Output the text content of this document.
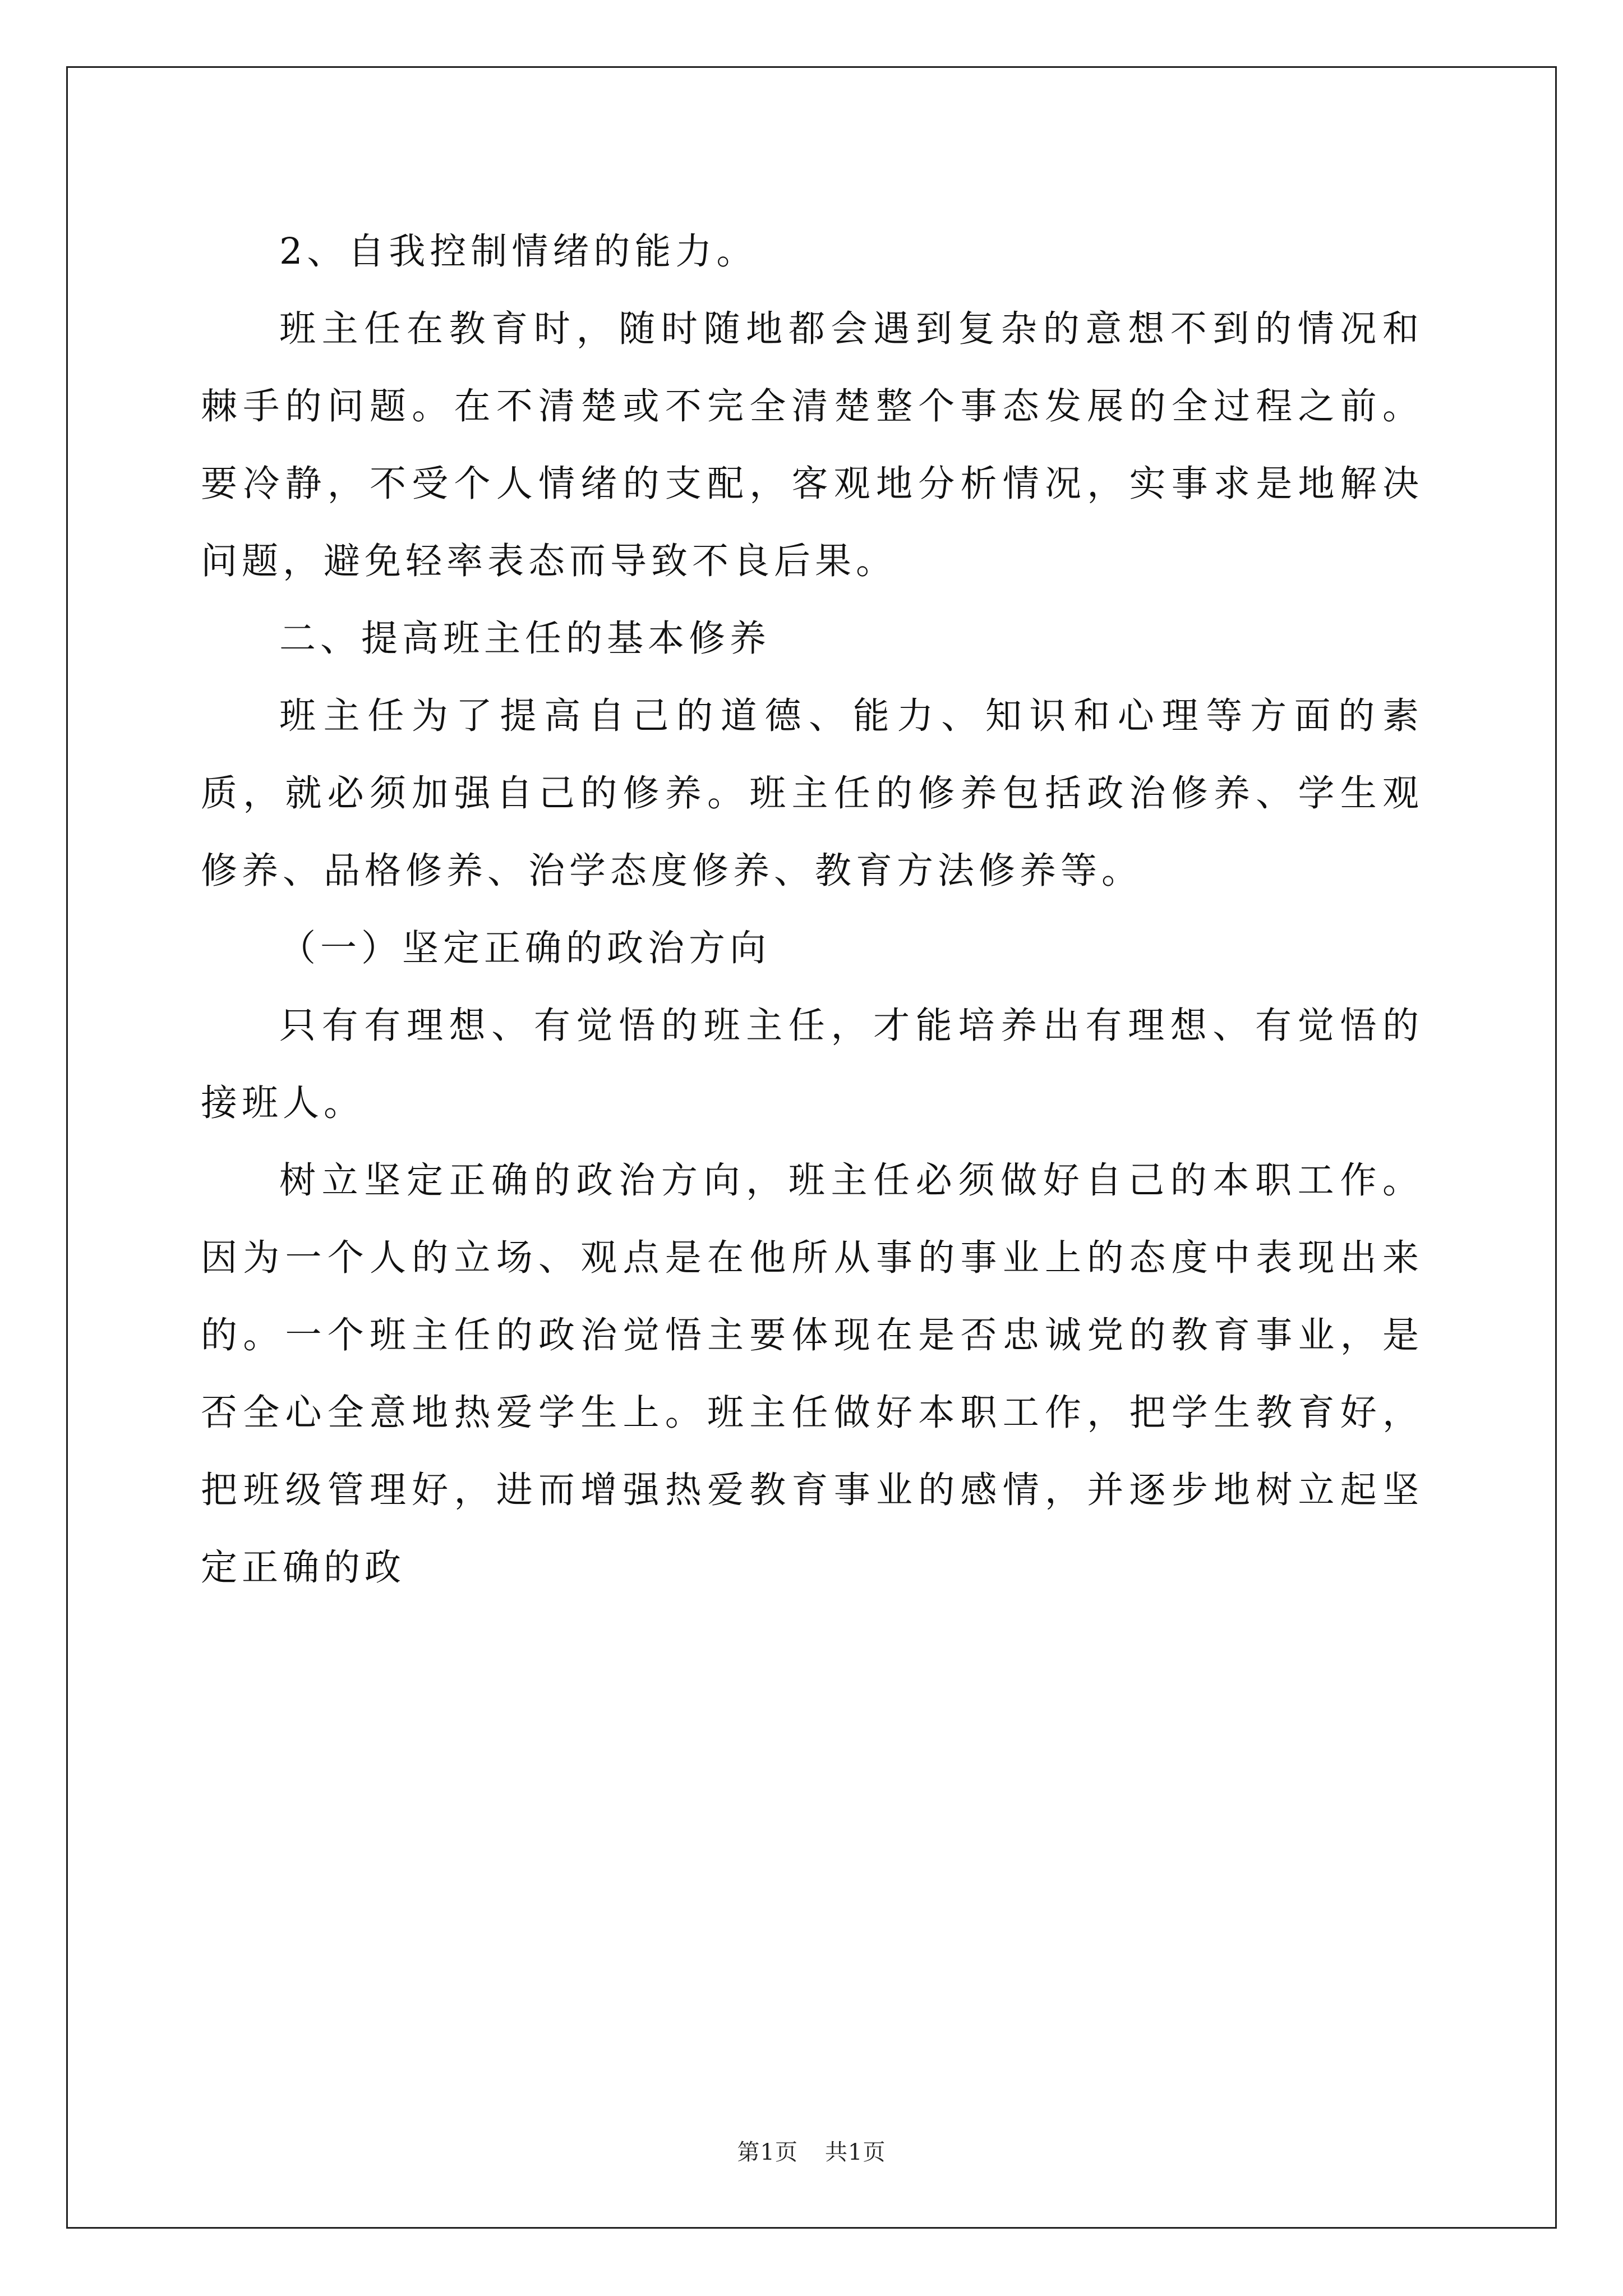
2、自我控制情绪的能力。

班主任在教育时，随时随地都会遇到复杂的意想不到的情况和棘手的问题。在不清楚或不完全清楚整个事态发展的全过程之前。要冷静，不受个人情绪的支配，客观地分析情况，实事求是地解决问题，避免轻率表态而导致不良后果。

二、提高班主任的基本修养

班主任为了提高自己的道德、能力、知识和心理等方面的素质，就必须加强自己的修养。班主任的修养包括政治修养、学生观修养、品格修养、治学态度修养、教育方法修养等。

（一）坚定正确的政治方向

只有有理想、有觉悟的班主任，才能培养出有理想、有觉悟的接班人。

树立坚定正确的政治方向，班主任必须做好自己的本职工作。因为一个人的立场、观点是在他所从事的事业上的态度中表现出来的。一个班主任的政治觉悟主要体现在是否忠诚党的教育事业，是否全心全意地热爱学生上。班主任做好本职工作，把学生教育好，把班级管理好，进而增强热爱教育事业的感情，并逐步地树立起坚定正确的政

第1页 共1页
